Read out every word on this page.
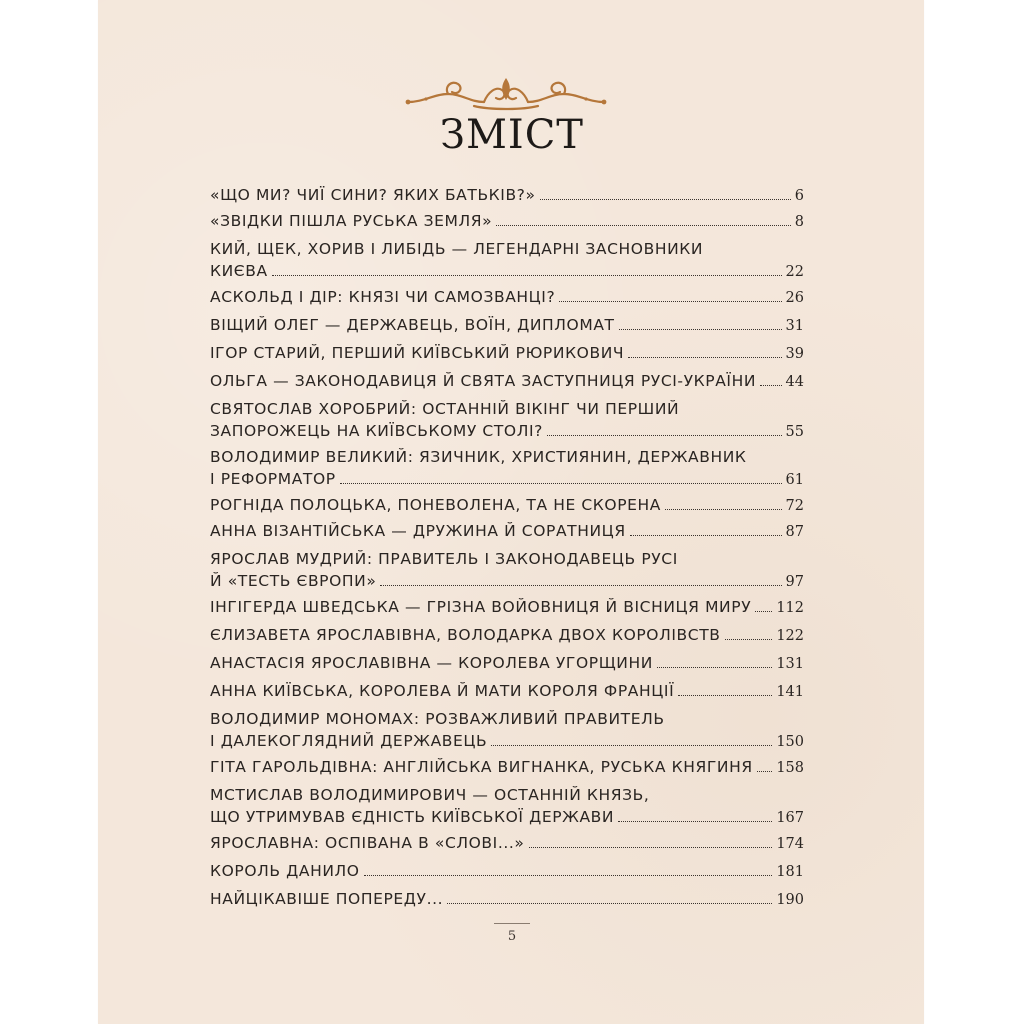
ЗМІСТ
«ЩО МИ? ЧИЇ СИНИ? ЯКИХ БАТЬКІВ?»	6
«ЗВІДКИ ПІШЛА РУСЬКА ЗЕМЛЯ»	8
КИЙ, ЩЕК, ХОРИВ І ЛИБІДЬ — ЛЕГЕНДАРНІ ЗАСНОВНИКИ
КИЄВА	22
АСКОЛЬД І ДІР: КНЯЗІ ЧИ САМОЗВАНЦІ?	26
ВІЩИЙ ОЛЕГ — ДЕРЖАВЕЦЬ, ВОЇН, ДИПЛОМАТ	31
ІГОР СТАРИЙ, ПЕРШИЙ КИЇВСЬКИЙ РЮРИКОВИЧ	39
ОЛЬГА — ЗАКОНОДАВИЦЯ Й СВЯТА ЗАСТУПНИЦЯ РУСІ-УКРАЇНИ 44
СВЯТОСЛАВ ХОРОБРИЙ: ОСТАННІЙ ВІКІНГ ЧИ ПЕРШИЙ
ЗАПОРОЖЕЦЬ НА КИЇВСЬКОМУ СТОЛІ?	55
ВОЛОДИМИР ВЕЛИКИЙ: ЯЗИЧНИК, ХРИСТИЯНИН, ДЕРЖАВНИК
І РЕФОРМАТОР	61
РОГНІДА ПОЛОЦЬКА, ПОНЕВОЛЕНА, ТА НЕ СКОРЕНА	72
АННА ВІЗАНТІЙСЬКА — ДРУЖИНА Й СОРАТНИЦЯ	87
ЯРОСЛАВ МУДРИЙ: ПРАВИТЕЛЬ І ЗАКОНОДАВЕЦЬ РУСІ
Й «ТЕСТЬ ЄВРОПИ»	97
ІНГІГЕРДА ШВЕДСЬКА — ГРІЗНА ВОЙОВНИЦЯ Й ВІСНИЦЯ МИРУ 112
ЄЛИЗАВЕТА ЯРОСЛАВІВНА, ВОЛОДАРКА ДВОХ КОРОЛІВСТВ	122
АНАСТАСІЯ ЯРОСЛАВІВНА — КОРОЛЕВА УГОРЩИНИ	131
АННА КИЇВСЬКА, КОРОЛЕВА Й МАТИ КОРОЛЯ ФРАНЦІЇ	141
ВОЛОДИМИР МОНОМАХ: РОЗВАЖЛИВИЙ ПРАВИТЕЛЬ
І ДАЛЕКОГЛЯДНИЙ ДЕРЖАВЕЦЬ	150
ГІТА ГАРОЛЬДІВНА: АНГЛІЙСЬКА ВИГНАНКА, РУСЬКА КНЯГИНЯ 158
МСТИСЛАВ ВОЛОДИМИРОВИЧ — ОСТАННІЙ КНЯЗЬ,
ЩО УТРИМУВАВ ЄДНІСТЬ КИЇВСЬКОЇ ДЕРЖАВИ	167
ЯРОСЛАВНА: ОСПІВАНА В «СЛОВІ...»	174
КОРОЛЬ ДАНИЛО	181
НАЙЦІКАВІШЕ ПОПЕРЕДУ...	190
5
